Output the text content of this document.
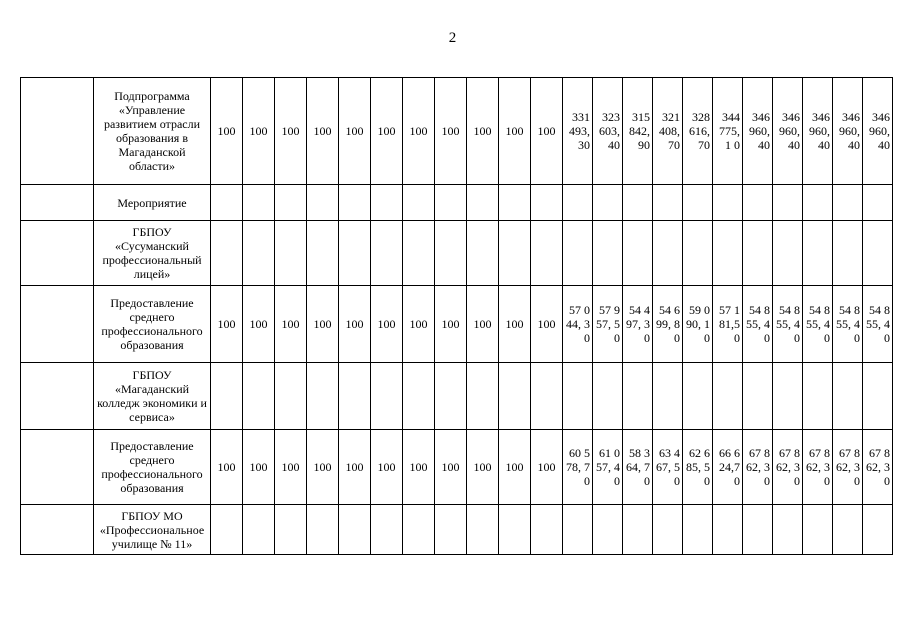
2
	Подпрограмма «Управление развитием отрасли образования в Магаданской области»	100	100	100	100	100	100	100	100	100	100	100	331 493, 30	323 603, 40	315 842, 90	321 408, 70	328 616, 70	344 775,1 0	346 960, 40	346 960, 40	346 960, 40	346 960, 40	346 960, 40
	Мероприятие																						
	ГБПОУ «Сусуманский профессиональный лицей»																						
	Предоставление среднего профессионального образования	100	100	100	100	100	100	100	100	100	100	100	57 044, 30	57 957, 50	54 497, 30	54 699, 80	59 090, 10	57 181,5 0	54 855, 40	54 855, 40	54 855, 40	54 855, 40	54 855, 40
	ГБПОУ «Магаданский колледж экономики и сервиса»																						
	Предоставление среднего профессионального образования	100	100	100	100	100	100	100	100	100	100	100	60 578, 70	61 057, 40	58 364, 70	63 467, 50	62 685, 50	66 624,7 0	67 862, 30	67 862, 30	67 862, 30	67 862, 30	67 862, 30
	ГБПОУ МО «Профессиональное училище № 11»																						
